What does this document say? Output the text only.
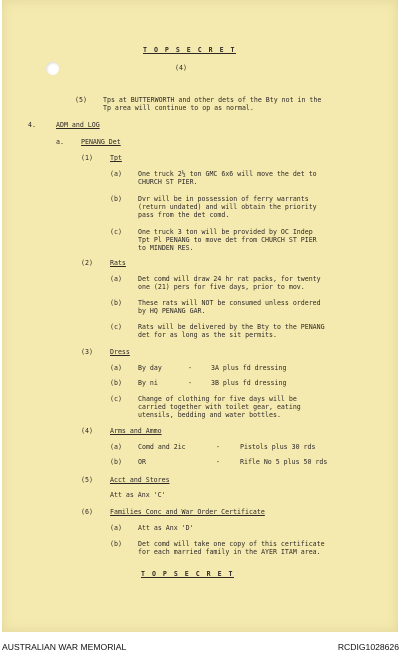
T O P S E C R E T
(4)
(5) Tps at BUTTERWORTH and other dets of the Bty not in the
Tp area will continue to op as normal.
4.	ADM and LOG
a.	PENANG Det
(1)	Tpt
(a) One truck 2½ ton GMC 6x6 will move the det to
CHURCH ST PIER.
(b) Dvr will be in possession of ferry warrants
(return undated) and will obtain the priority
pass from the det comd.
(c) One truck 3 ton will be provided by OC Indep
Tpt Pl PENANG to move det from CHURCH ST PIER
to MINDEN RES.
(2)	Rats
(a) Det comd will draw 24 hr rat packs, for twenty
one (21) pers for five days, prior to mov.
(b) These rats will NOT be consumed unless ordered
by HQ PENANG GAR.
(c) Rats will be delivered by the Bty to the PENANG
det for as long as the sit permits.
(3)	Dress
(a) By day	-	3A plus fd dressing
(b) By ni	-	3B plus fd dressing
(c) Change of clothing for five days will be
carried together with toilet gear, eating
utensils, bedding and water bottles.
(4)	Arms and Ammo
(a) Comd and 2ic	-	Pistols plus 30 rds
(b) OR	-	Rifle No 5 plus 50 rds
(5)	Acct and Stores
Att as Anx 'C'
(6)	Families Conc and War Order Certificate
(a) Att as Anx 'D'
(b) Det comd will take one copy of this certificate
for each married family in the AYER ITAM area.
T O P S E C R E T
AUSTRALIAN WAR MEMORIAL	RCDIG1028626
